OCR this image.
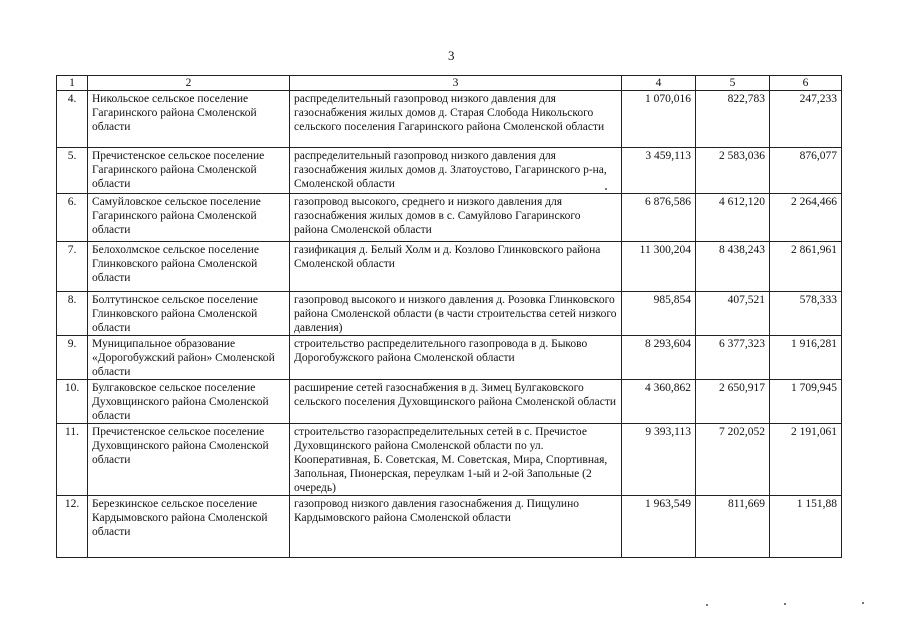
3
1	2	3	4	5	6
4.	Никольское сельское поселение Гагаринского района Смоленской области	распределительный газопровод низкого давления для газоснабжения жилых домов д. Старая Слобода Никольского сельского поселения Гагаринского района Смоленской области	1 070,016	822,783	247,233
5.	Пречистенское сельское поселение Гагаринского района Смоленской области	распределительный газопровод низкого давления для газоснабжения жилых домов д. Златоустово, Гагаринского р-на, Смоленской области	3 459,113	2 583,036	876,077
6.	Самуйловское сельское поселение Гагаринского района Смоленской области	газопровод высокого, среднего и низкого давления для газоснабжения жилых домов в с. Самуйлово Гагаринского района Смоленской области	6 876,586	4 612,120	2 264,466
7.	Белохолмское сельское поселение Глинковского района Смоленской области	газификация д. Белый Холм и д. Козлово Глинковского района Смоленской области	11 300,204	8 438,243	2 861,961
8.	Болтутинское сельское поселение Глинковского района Смоленской области	газопровод высокого и низкого давления д. Розовка Глинковского района Смоленской области (в части строительства сетей низкого давления)	985,854	407,521	578,333
9.	Муниципальное образование «Дорогобужский район» Смоленской области	строительство распределительного газопровода в д. Быково Дорогобужского района Смоленской области	8 293,604	6 377,323	1 916,281
10.	Булгаковское сельское поселение Духовщинского района Смоленской области	расширение сетей газоснабжения в д. Зимец Булгаковского сельского поселения Духовщинского района Смоленской области	4 360,862	2 650,917	1 709,945
11.	Пречистенское сельское поселение Духовщинского района Смоленской области	строительство газораспределительных сетей в с. Пречистое Духовщинского района Смоленской области по ул. Кооперативная, Б. Советская, М. Советская, Мира, Спортивная, Запольная, Пионерская, переулкам 1-ый и 2-ой Запольные (2 очередь)	9 393,113	7 202,052	2 191,061
12.	Березкинское сельское поселение Кардымовского района Смоленской области	газопровод низкого давления газоснабжения д. Пищулино Кардымовского района Смоленской области	1 963,549	811,669	1 151,88
